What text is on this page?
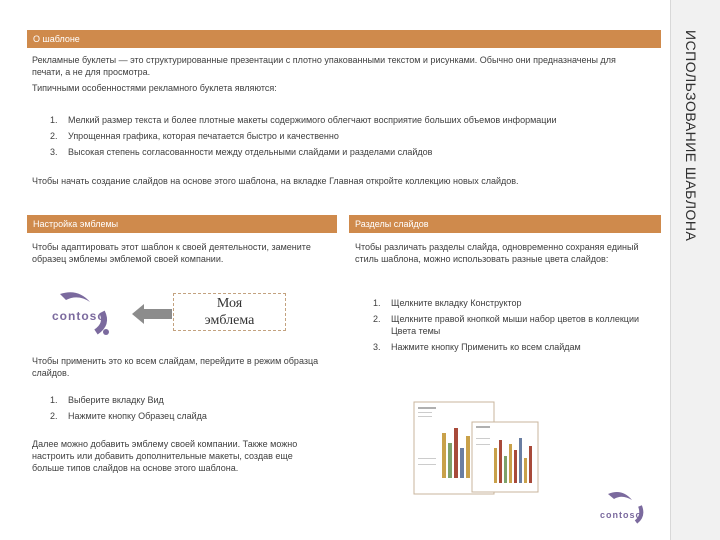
О шаблоне	ИСПОЛЬЗОВАНИЕ ШАБЛОНА
Рекламные буклеты — это структурированные презентации с плотно упакованными текстом и рисунками. Обычно они предназначены для печати, а не для просмотра.
Типичными особенностями рекламного буклета являются:
1. Мелкий размер текста и более плотные макеты содержимого облегчают восприятие больших объемов информации
2. Упрощенная графика, которая печатается быстро и качественно
3. Высокая степень согласованности между отдельными слайдами и разделами слайдов
Чтобы начать создание слайдов на основе этого шаблона, на вкладке Главная откройте коллекцию новых слайдов.
Настройка эмблемы
Чтобы адаптировать этот шаблон к своей деятельности, замените образец эмблемы эмблемой своей компании.
contoso
Моя
эмблема
Чтобы применить это ко всем слайдам, перейдите в режим образца слайдов.
1. Выберите вкладку Вид
2. Нажмите кнопку Образец слайда
Далее можно добавить эмблему своей компании. Также можно настроить или добавить дополнительные макеты, создав еще больше типов слайдов на основе этого шаблона.
Разделы слайдов
Чтобы различать разделы слайда, одновременно сохраняя единый стиль шаблона, можно использовать разные цвета слайдов:
1. Щелкните вкладку Конструктор
2. Щелкните правой кнопкой мыши набор цветов в коллекции Цвета темы
3. Нажмите кнопку Применить ко всем слайдам
contoso
